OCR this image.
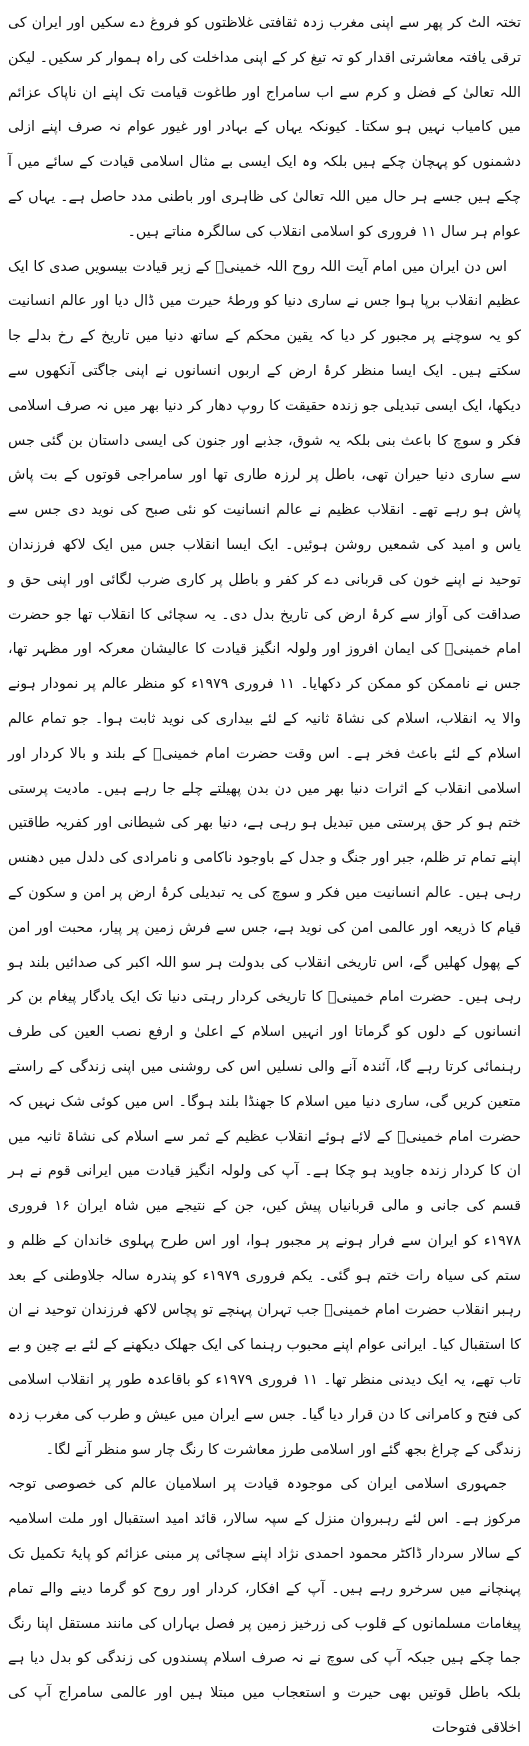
تختہ الٹ کر پھر سے اپنی مغرب زدہ ثقافتی غلاظتوں کو فروغ دے سکیں اور ایران کی ترقی یافتہ معاشرتی اقدار کو تہ تیغ کر کے اپنی مداخلت کی راہ ہموار کر سکیں۔ لیکن اللہ تعالیٰ کے فضل و کرم سے اب سامراج اور طاغوت قیامت تک اپنے ان ناپاک عزائم میں کامیاب نہیں ہو سکتا۔ کیونکہ یہاں کے بہادر اور غیور عوام نہ صرف اپنے ازلی دشمنوں کو پہچان چکے ہیں بلکہ وہ ایک ایسی بے مثال اسلامی قیادت کے سائے میں آ چکے ہیں جسے ہر حال میں اللہ تعالیٰ کی ظاہری اور باطنی مدد حاصل ہے۔ یہاں کے عوام ہر سال ۱۱ فروری کو اسلامی انقلاب کی سالگرہ مناتے ہیں۔

اس دن ایران میں امام آیت اللہ روح اللہ خمینیؒ کے زیر قیادت بیسویں صدی کا ایک عظیم انقلاب برپا ہوا جس نے ساری دنیا کو ورطۂ حیرت میں ڈال دیا اور عالم انسانیت کو یہ سوچنے پر مجبور کر دیا کہ یقین محکم کے ساتھ دنیا میں تاریخ کے رخ بدلے جا سکتے ہیں۔ ایک ایسا منظر کرۂ ارض کے اربوں انسانوں نے اپنی جاگتی آنکھوں سے دیکھا، ایک ایسی تبدیلی جو زندہ حقیقت کا روپ دھار کر دنیا بھر میں نہ صرف اسلامی فکر و سوچ کا باعث بنی بلکہ یہ شوق، جذبے اور جنون کی ایسی داستان بن گئی جس سے ساری دنیا حیران تھی، باطل پر لرزہ طاری تھا اور سامراجی قوتوں کے بت پاش پاش ہو رہے تھے۔ انقلاب عظیم نے عالم انسانیت کو نئی صبح کی نوید دی جس سے یاس و امید کی شمعیں روشن ہوئیں۔ ایک ایسا انقلاب جس میں ایک لاکھ فرزندان توحید نے اپنے خون کی قربانی دے کر کفر و باطل پر کاری ضرب لگائی اور اپنی حق و صداقت کی آواز سے کرۂ ارض کی تاریخ بدل دی۔ یہ سچائی کا انقلاب تھا جو حضرت امام خمینیؒ کی ایمان افروز اور ولولہ انگیز قیادت کا عالیشان معرکہ اور مظہر تھا، جس نے ناممکن کو ممکن کر دکھایا۔ ۱۱ فروری ۱۹۷۹ء کو منظر عالم پر نمودار ہونے والا یہ انقلاب، اسلام کی نشاۃ ثانیہ کے لئے بیداری کی نوید ثابت ہوا۔ جو تمام عالم اسلام کے لئے باعث فخر ہے۔ اس وقت حضرت امام خمینیؒ کے بلند و بالا کردار اور اسلامی انقلاب کے اثرات دنیا بھر میں دن بدن پھیلتے چلے جا رہے ہیں۔ مادیت پرستی ختم ہو کر حق پرستی میں تبدیل ہو رہی ہے، دنیا بھر کی شیطانی اور کفریہ طاقتیں اپنے تمام تر ظلم، جبر اور جنگ و جدل کے باوجود ناکامی و نامرادی کی دلدل میں دھنس رہی ہیں۔ عالم انسانیت میں فکر و سوچ کی یہ تبدیلی کرۂ ارض پر امن و سکون کے قیام کا ذریعہ اور عالمی امن کی نوید ہے، جس سے فرش زمین پر پیار، محبت اور امن کے پھول کھلیں گے، اس تاریخی انقلاب کی بدولت ہر سو اللہ اکبر کی صدائیں بلند ہو رہی ہیں۔ حضرت امام خمینیؒ کا تاریخی کردار رہتی دنیا تک ایک یادگار پیغام بن کر انسانوں کے دلوں کو گرماتا اور انہیں اسلام کے اعلیٰ و ارفع نصب العین کی طرف رہنمائی کرتا رہے گا، آئندہ آنے والی نسلیں اس کی روشنی میں اپنی زندگی کے راستے متعین کریں گی، ساری دنیا میں اسلام کا جھنڈا بلند ہوگا۔ اس میں کوئی شک نہیں کہ حضرت امام خمینیؒ کے لائے ہوئے انقلاب عظیم کے ثمر سے اسلام کی نشاۃ ثانیہ میں ان کا کردار زندہ جاوید ہو چکا ہے۔ آپ کی ولولہ انگیز قیادت میں ایرانی قوم نے ہر قسم کی جانی و مالی قربانیاں پیش کیں، جن کے نتیجے میں شاہ ایران ۱۶ فروری ۱۹۷۸ء کو ایران سے فرار ہونے پر مجبور ہوا، اور اس طرح پہلوی خاندان کے ظلم و ستم کی سیاہ رات ختم ہو گئی۔ یکم فروری ۱۹۷۹ء کو پندرہ سالہ جلاوطنی کے بعد رہبر انقلاب حضرت امام خمینیؒ جب تہران پہنچے تو پچاس لاکھ فرزندان توحید نے ان کا استقبال کیا۔ ایرانی عوام اپنے محبوب رہنما کی ایک جھلک دیکھنے کے لئے بے چین و بے تاب تھے، یہ ایک دیدنی منظر تھا۔ ۱۱ فروری ۱۹۷۹ء کو باقاعدہ طور پر انقلاب اسلامی کی فتح و کامرانی کا دن قرار دیا گیا۔ جس سے ایران میں عیش و طرب کی مغرب زدہ زندگی کے چراغ بجھ گئے اور اسلامی طرز معاشرت کا رنگ چار سو منظر آنے لگا۔

جمہوری اسلامی ایران کی موجودہ قیادت پر اسلامیان عالم کی خصوصی توجہ مرکوز ہے۔ اس لئے رہبروان منزل کے سپہ سالار، قائد امید استقبال اور ملت اسلامیہ کے سالار سردار ڈاکٹر محمود احمدی نژاد اپنے سچائی پر مبنی عزائم کو پایۂ تکمیل تک پہنچانے میں سرخرو رہے ہیں۔ آپ کے افکار، کردار اور روح کو گرما دینے والے تمام پیغامات مسلمانوں کے قلوب کی زرخیز زمین پر فصل بہاراں کی مانند مستقل اپنا رنگ جما چکے ہیں جبکہ آپ کی سوچ نے نہ صرف اسلام پسندوں کی زندگی کو بدل دیا ہے بلکہ باطل قوتیں بھی حیرت و استعجاب میں مبتلا ہیں اور عالمی سامراج آپ کی اخلاقی فتوحات
